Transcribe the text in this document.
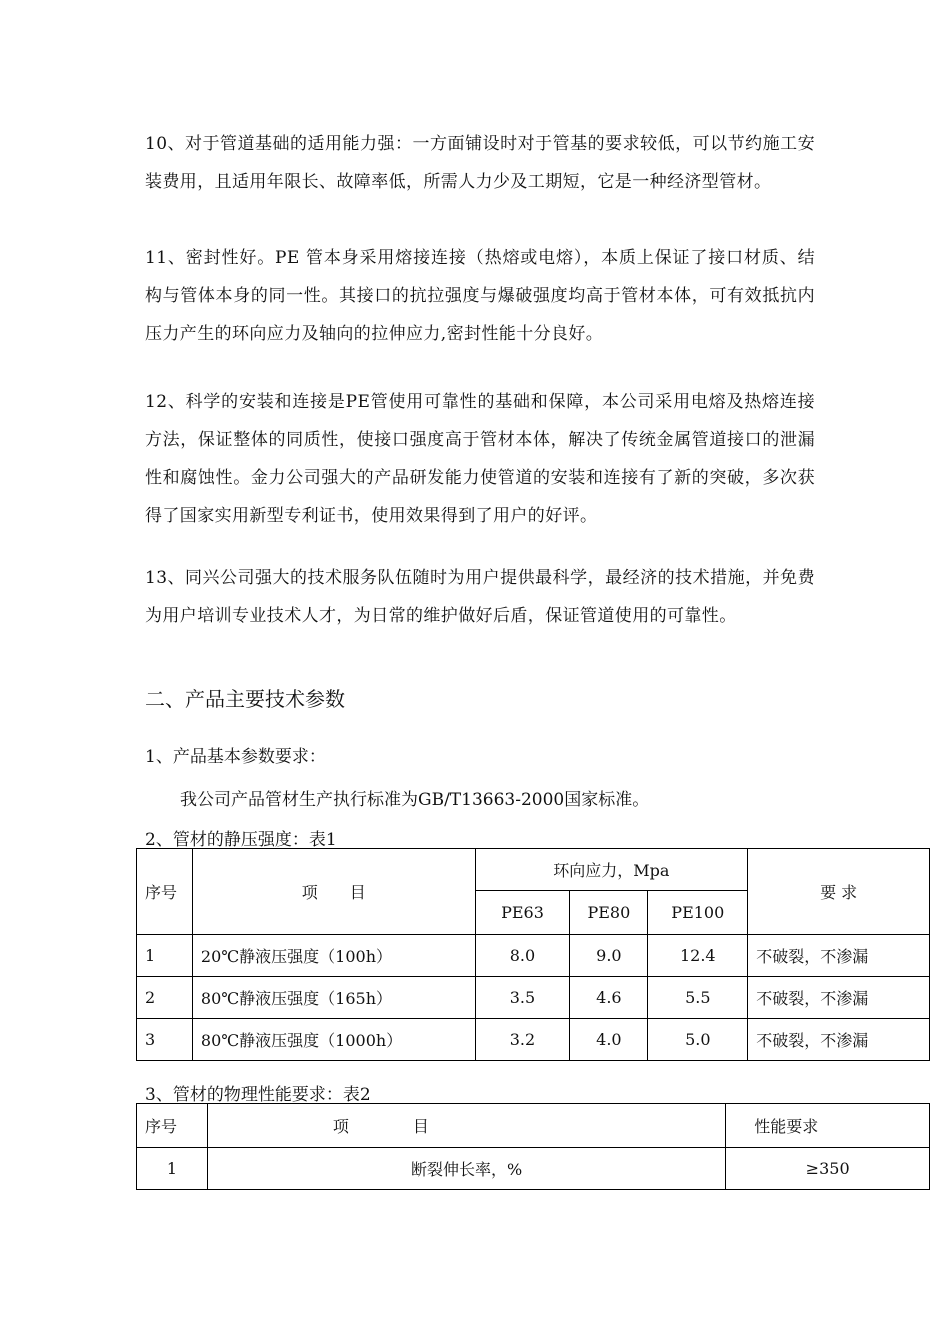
10、对于管道基础的适用能力强：一方面铺设时对于管基的要求较低，可以节约施工安装费用，且适用年限长、故障率低，所需人力少及工期短，它是一种经济型管材。
11、密封性好。PE 管本身采用熔接连接（热熔或电熔），本质上保证了接口材质、结构与管体本身的同一性。其接口的抗拉强度与爆破强度均高于管材本体，可有效抵抗内压力产生的环向应力及轴向的拉伸应力,密封性能十分良好。
12、科学的安装和连接是PE管使用可靠性的基础和保障，本公司采用电熔及热熔连接方法，保证整体的同质性，使接口强度高于管材本体，解决了传统金属管道接口的泄漏性和腐蚀性。金力公司强大的产品研发能力使管道的安装和连接有了新的突破，多次获得了国家实用新型专利证书，使用效果得到了用户的好评。
13、同兴公司强大的技术服务队伍随时为用户提供最科学，最经济的技术措施，并免费为用户培训专业技术人才，为日常的维护做好后盾，保证管道使用的可靠性。
二、产品主要技术参数
1、产品基本参数要求：
我公司产品管材生产执行标准为GB/T13663-2000国家标准。
2、管材的静压强度：表1
序号	项　　目	环向应力，Mpa			要 求
		PE63	PE80	PE100	
1	20℃静液压强度（100h）	8.0	9.0	12.4	不破裂，不渗漏
2	80℃静液压强度（165h）	3.5	4.6	5.5	不破裂，不渗漏
3	80℃静液压强度（1000h）	3.2	4.0	5.0	不破裂，不渗漏
3、管材的物理性能要求：表2
序号	项　　　　目	性能要求
1	断裂伸长率，%	≥350
